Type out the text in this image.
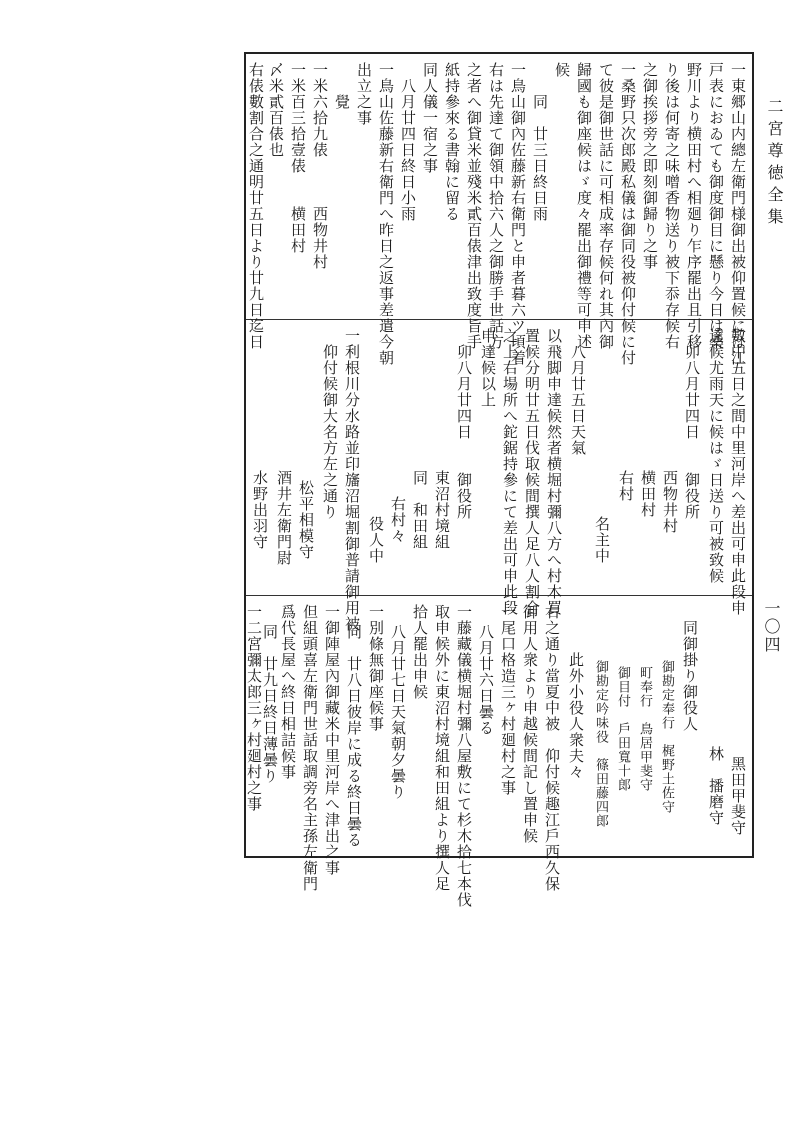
二宮尊徳全集
一〇四
一東郷山内總左衛門様御出被仰置候には江
戸表におゐても御度御目に懸り今日は桑
野川より横田村へ相廻り乍序罷出且引移
り後は何寄之味噌香物送り被下忝存候右
之御挨拶旁之即刻御歸り之事
一桑野只次郎殿私儀は御同役被仰付候に付
て彼是御世話に可相成率存候何れ其內御
歸國も御座候はゞ度々罷出御禮等可申述
候
同　廿三日終日雨
一鳥山御內佐藤新右衛門と申者暮六ツ頃着
右は先達て御領中拾六人之御勝手世話方
之者へ御貸米並殘米貳百俵津出致度旨手
紙持參來る書翰に留る
同人儀一宿之事
八月廿四日終日小雨
一鳥山佐藤新右衛門へ昨日之返事差遣今朝
出立之事
覺
一米六拾九俵　　　西物井村
一米百三拾壹俵　　横田村
〆米貳百俵也
右俵數割合之通明廿五日より廿九日迄日
數中五日之間中里河岸へ差出可申此段申
達候尤雨天に候はゞ日送り可被致候
卯八月廿四日　　御役所
西物井村
横田村
右村
名主中
八月廿五日天氣
以飛脚申達候然者横堀村彌八方へ村木買
置候分明廿五日伐取候間撰人足八人割合
之上右場所へ鉈鋸持參にて差出可申此段
申達候以上
卯八月廿四日　　御役所
東沼村境組
同　和田組
右村々
役人中
一利根川分水路並印旛沼堀割御普請御用被
仰付候御大名方左之通り
松平相模守
酒井左衛門尉
水野出羽守
黑田甲斐守
林　播磨守
同御掛り御役人
御勘定奉行　梶野土佐守
町奉行　鳥居甲斐守
御目付　戶田寬十郎
御勘定吟味役　篠田藤四郎
此外小役人衆夫々
右之通り當夏中被　仰付候趣江戶西久保
御用人衆より申越候間記し置申候
一尾口格造三ヶ村廻村之事
八月廿六日曇る
一藤藏儀横堀村彌八屋敷にて杉木拾七本伐
取申候外に東沼村境組和田組より撰人足
拾人罷出申候
八月廿七日天氣朝夕曇り
一別條無御座候事
同　廿八日彼岸に成る終日曇る
一御陣屋內御藏米中里河岸へ津出之事
但組頭喜左衛門世話取調旁名主孫左衛門
爲代長屋へ終日相詰候事
同　廿九日終日薄曇り
一二宮彌太郎三ヶ村廻村之事
